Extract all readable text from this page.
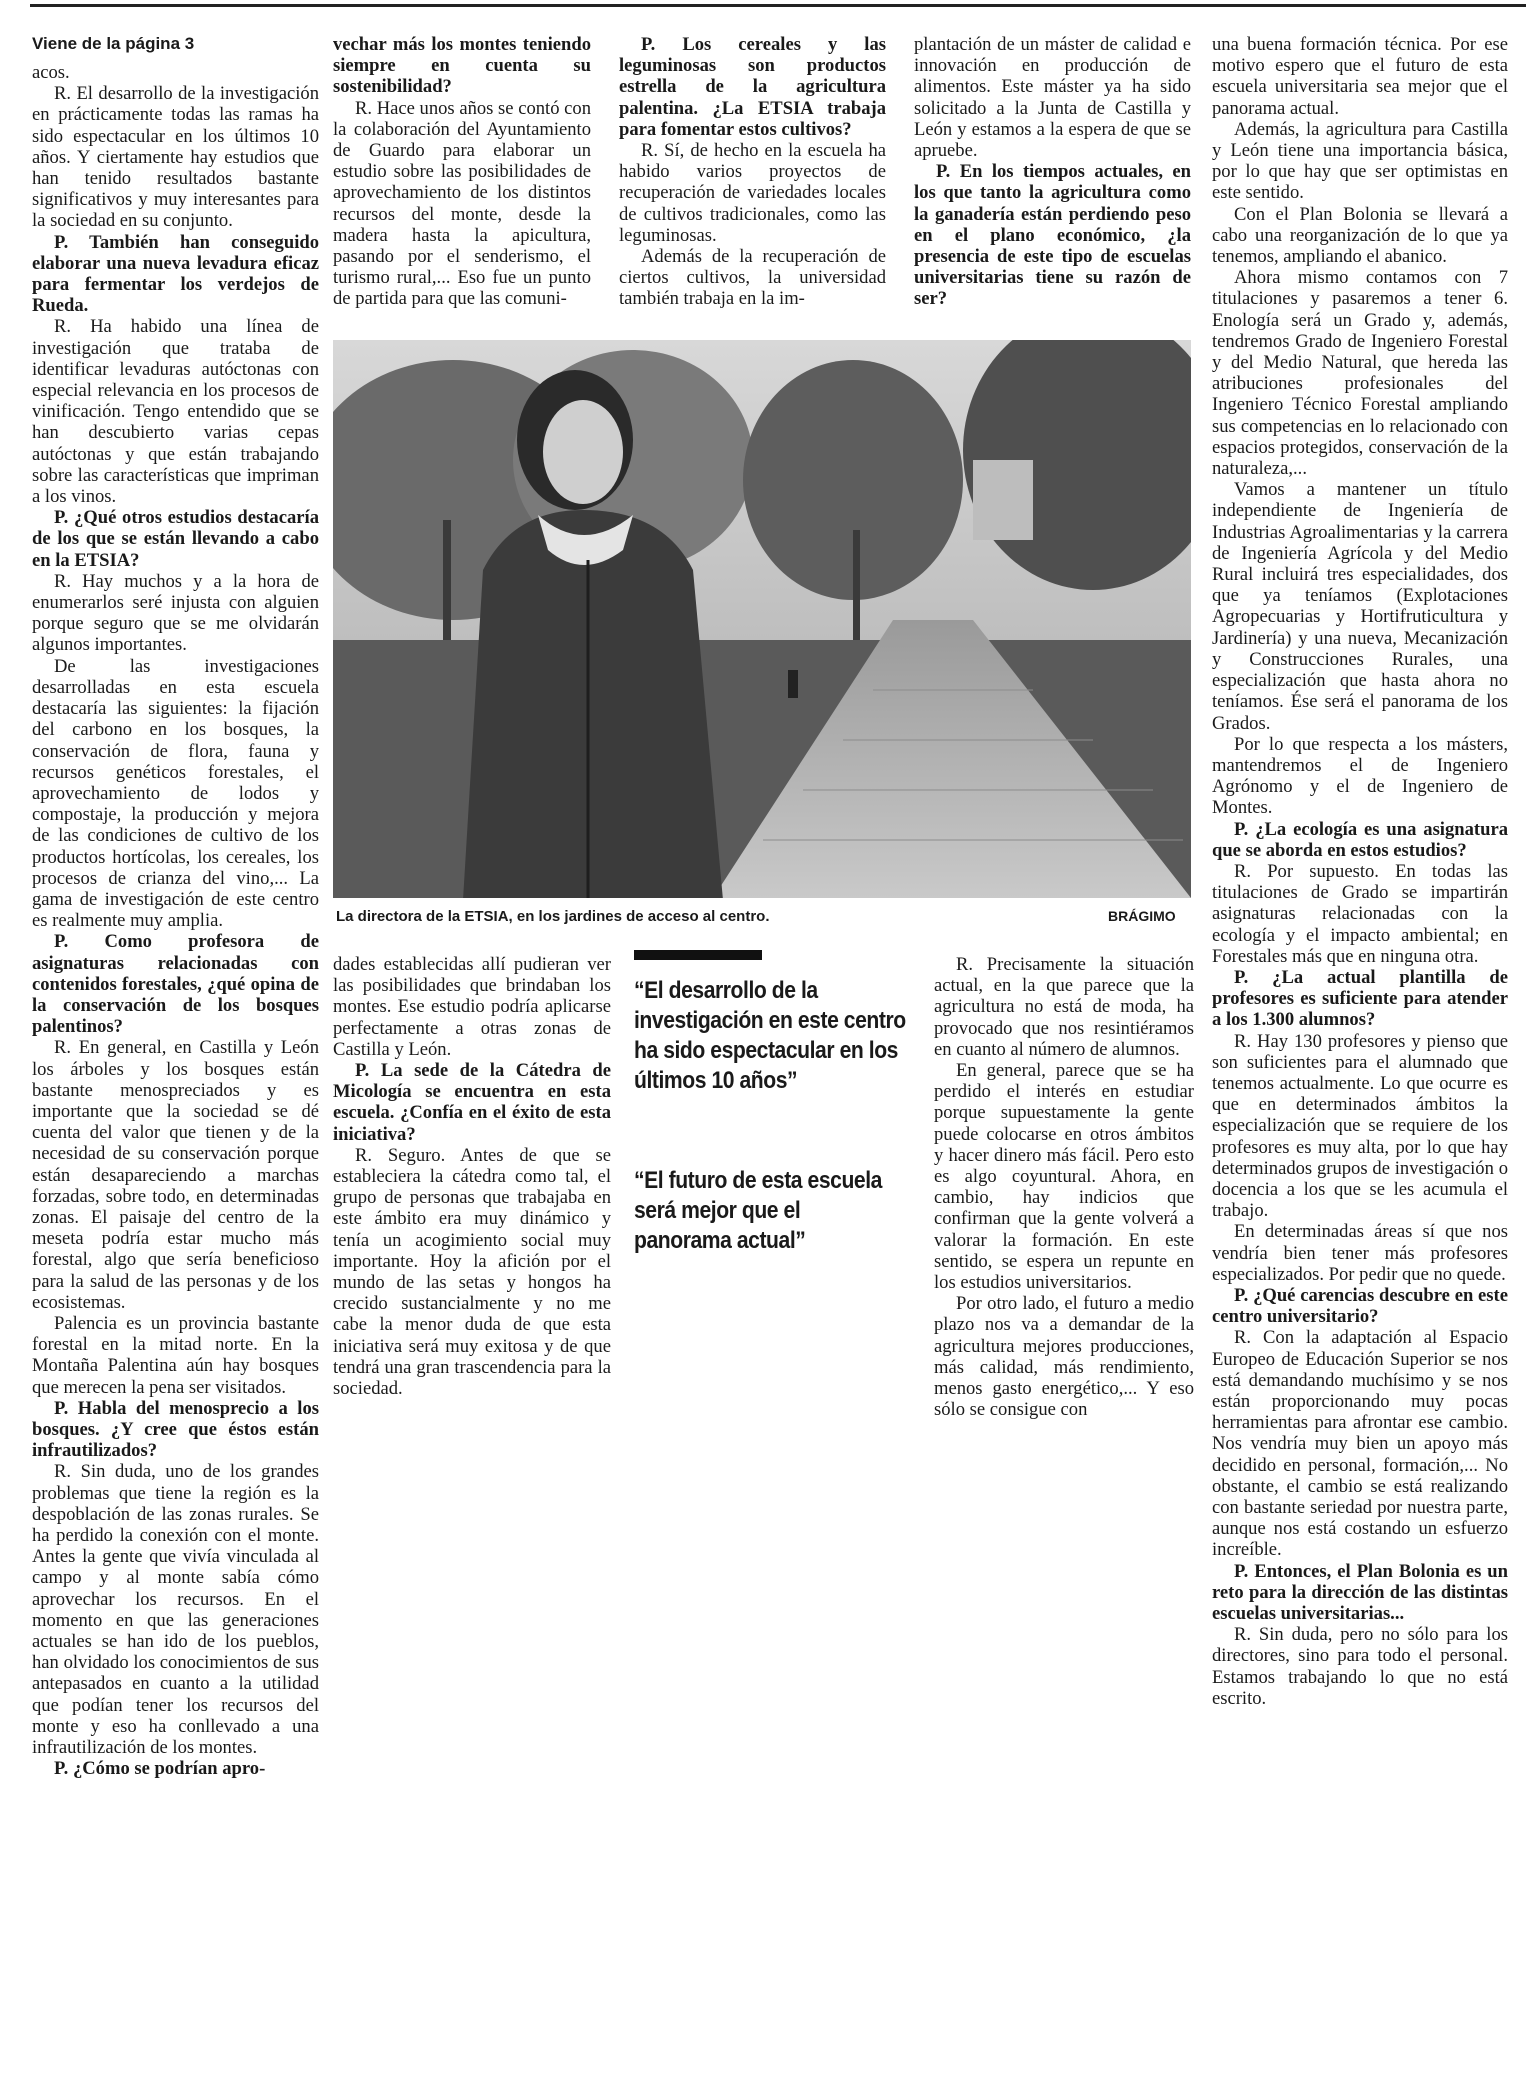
Viene de la página 3

acos.

R. El desarrollo de la investigación en prácticamente todas las ramas ha sido espectacular en los últimos 10 años. Y ciertamente hay estudios que han tenido resultados bastante significativos y muy interesantes para la sociedad en su conjunto.

P. También han conseguido elaborar una nueva levadura eficaz para fermentar los verdejos de Rueda.

R. Ha habido una línea de investigación que trataba de identificar levaduras autóctonas con especial relevancia en los procesos de vinificación. Tengo entendido que se han descubierto varias cepas autóctonas y que están trabajando sobre las características que impriman a los vinos.

P. ¿Qué otros estudios destacaría de los que se están llevando a cabo en la ETSIA?

R. Hay muchos y a la hora de enumerarlos seré injusta con alguien porque seguro que se me olvidarán algunos importantes.

De las investigaciones desarrolladas en esta escuela destacaría las siguientes: la fijación del carbono en los bosques, la conservación de flora, fauna y recursos genéticos forestales, el aprovechamiento de lodos y compostaje, la producción y mejora de las condiciones de cultivo de los productos hortícolas, los cereales, los procesos de crianza del vino,... La gama de investigación de este centro es realmente muy amplia.

P. Como profesora de asignaturas relacionadas con contenidos forestales, ¿qué opina de la conservación de los bosques palentinos?

R. En general, en Castilla y León los árboles y los bosques están bastante menospreciados y es importante que la sociedad se dé cuenta del valor que tienen y de la necesidad de su conservación porque están desapareciendo a marchas forzadas, sobre todo, en determinadas zonas. El paisaje del centro de la meseta podría estar mucho más forestal, algo que sería beneficioso para la salud de las personas y de los ecosistemas.

Palencia es un provincia bastante forestal en la mitad norte. En la Montaña Palentina aún hay bosques que merecen la pena ser visitados.

P. Habla del menosprecio a los bosques. ¿Y cree que éstos están infrautilizados?

R. Sin duda, uno de los grandes problemas que tiene la región es la despoblación de las zonas rurales. Se ha perdido la conexión con el monte. Antes la gente que vivía vinculada al campo y al monte sabía cómo aprovechar los recursos. En el momento en que las generaciones actuales se han ido de los pueblos, han olvidado los conocimientos de sus antepasados en cuanto a la utilidad que podían tener los recursos del monte y eso ha conllevado a una infrautilización de los montes.

P. ¿Cómo se podrían apro-

vechar más los montes teniendo siempre en cuenta su sostenibilidad?

R. Hace unos años se contó con la colaboración del Ayuntamiento de Guardo para elaborar un estudio sobre las posibilidades de aprovechamiento de los distintos recursos del monte, desde la madera hasta la apicultura, pasando por el senderismo, el turismo rural,... Eso fue un punto de partida para que las comuni-

P. Los cereales y las leguminosas son productos estrella de la agricultura palentina. ¿La ETSIA trabaja para fomentar estos cultivos?

R. Sí, de hecho en la escuela ha habido varios proyectos de recuperación de variedades locales de cultivos tradicionales, como las leguminosas.

Además de la recuperación de ciertos cultivos, la universidad también trabaja en la im-

plantación de un máster de calidad e innovación en producción de alimentos. Este máster ya ha sido solicitado a la Junta de Castilla y León y estamos a la espera de que se apruebe.

P. En los tiempos actuales, en los que tanto la agricultura como la ganadería están perdiendo peso en el plano económico, ¿la presencia de este tipo de escuelas universitarias tiene su razón de ser?

una buena formación técnica. Por ese motivo espero que el futuro de esta escuela universitaria sea mejor que el panorama actual.

Además, la agricultura para Castilla y León tiene una importancia básica, por lo que hay que ser optimistas en este sentido.

Con el Plan Bolonia se llevará a cabo una reorganización de lo que ya tenemos, ampliando el abanico.

Ahora mismo contamos con 7 titulaciones y pasaremos a tener 6. Enología será un Grado y, además, tendremos Grado de Ingeniero Forestal y del Medio Natural, que hereda las atribuciones profesionales del Ingeniero Técnico Forestal ampliando sus competencias en lo relacionado con espacios protegidos, conservación de la naturaleza,...

Vamos a mantener un título independiente de Ingeniería de Industrias Agroalimentarias y la carrera de Ingeniería Agrícola y del Medio Rural incluirá tres especialidades, dos que ya teníamos (Explotaciones Agropecuarias y Hortifruticultura y Jardinería) y una nueva, Mecanización y Construcciones Rurales, una especialización que hasta ahora no teníamos. Ése será el panorama de los Grados.

Por lo que respecta a los másters, mantendremos el de Ingeniero Agrónomo y el de Ingeniero de Montes.

P. ¿La ecología es una asignatura que se aborda en estos estudios?

R. Por supuesto. En todas las titulaciones de Grado se impartirán asignaturas relacionadas con la ecología y el impacto ambiental; en Forestales más que en ninguna otra.

P. ¿La actual plantilla de profesores es suficiente para atender a los 1.300 alumnos?

R. Hay 130 profesores y pienso que son suficientes para el alumnado que tenemos actualmente. Lo que ocurre es que en determinados ámbitos la especialización que se requiere de los profesores es muy alta, por lo que hay determinados grupos de investigación o docencia a los que se les acumula el trabajo.

En determinadas áreas sí que nos vendría bien tener más profesores especializados. Por pedir que no quede.

P. ¿Qué carencias descubre en este centro universitario?

R. Con la adaptación al Espacio Europeo de Educación Superior se nos está demandando muchísimo y se nos están proporcionando muy pocas herramientas para afrontar ese cambio. Nos vendría muy bien un apoyo más decidido en personal, formación,... No obstante, el cambio se está realizando con bastante seriedad por nuestra parte, aunque nos está costando un esfuerzo increíble.

P. Entonces, el Plan Bolonia es un reto para la dirección de las distintas escuelas universitarias...

R. Sin duda, pero no sólo para los directores, sino para todo el personal. Estamos trabajando lo que no está escrito.

La directora de la ETSIA, en los jardines de acceso al centro.	BRÁGIMO

dades establecidas allí pudieran ver las posibilidades que brindaban los montes. Ese estudio podría aplicarse perfectamente a otras zonas de Castilla y León.

P. La sede de la Cátedra de Micología se encuentra en esta escuela. ¿Confía en el éxito de esta iniciativa?

R. Seguro. Antes de que se estableciera la cátedra como tal, el grupo de personas que trabajaba en este ámbito era muy dinámico y tenía un acogimiento social muy importante. Hoy la afición por el mundo de las setas y hongos ha crecido sustancialmente y no me cabe la menor duda de que esta iniciativa será muy exitosa y de que tendrá una gran trascendencia para la sociedad.

“El desarrollo de la investigación en este centro ha sido espectacular en los últimos 10 años”
“El futuro de esta escuela será mejor que el panorama actual”

R. Precisamente la situación actual, en la que parece que la agricultura no está de moda, ha provocado que nos resintiéramos en cuanto al número de alumnos.

En general, parece que se ha perdido el interés en estudiar porque supuestamente la gente puede colocarse en otros ámbitos y hacer dinero más fácil. Pero esto es algo coyuntural. Ahora, en cambio, hay indicios que confirman que la gente volverá a valorar la formación. En este sentido, se espera un repunte en los estudios universitarios.

Por otro lado, el futuro a medio plazo nos va a demandar de la agricultura mejores producciones, más calidad, más rendimiento, menos gasto energético,... Y eso sólo se consigue con
